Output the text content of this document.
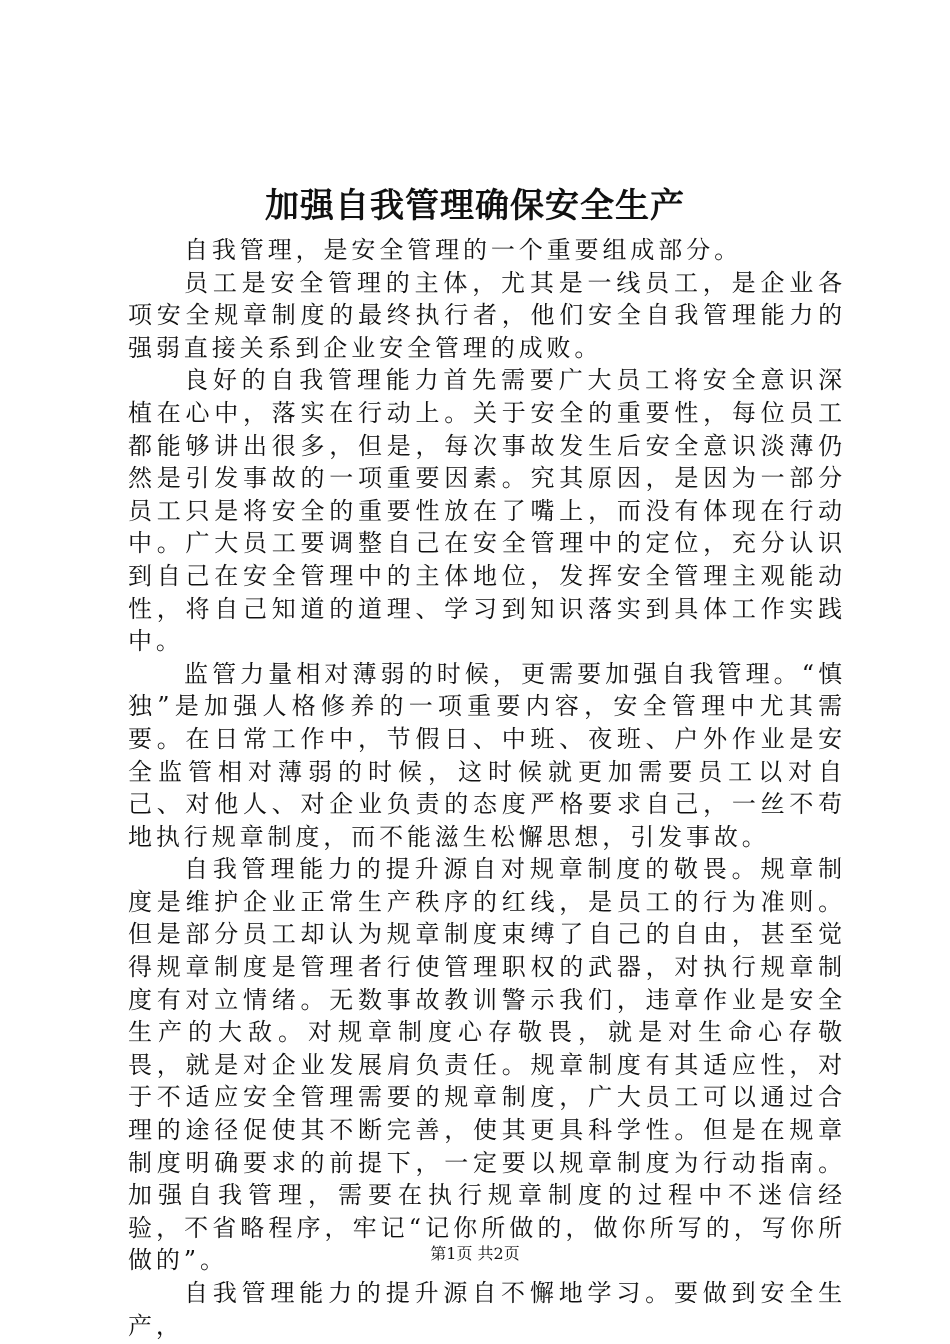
加强自我管理确保安全生产

自我管理，是安全管理的一个重要组成部分。

员工是安全管理的主体，尤其是一线员工，是企业各项安全规章制度的最终执行者，他们安全自我管理能力的强弱直接关系到企业安全管理的成败。

良好的自我管理能力首先需要广大员工将安全意识深植在心中，落实在行动上。关于安全的重要性，每位员工都能够讲出很多，但是，每次事故发生后安全意识淡薄仍然是引发事故的一项重要因素。究其原因，是因为一部分员工只是将安全的重要性放在了嘴上，而没有体现在行动中。广大员工要调整自己在安全管理中的定位，充分认识到自己在安全管理中的主体地位，发挥安全管理主观能动性，将自己知道的道理、学习到知识落实到具体工作实践中。

监管力量相对薄弱的时候，更需要加强自我管理。“慎独”是加强人格修养的一项重要内容，安全管理中尤其需要。在日常工作中，节假日、中班、夜班、户外作业是安全监管相对薄弱的时候，这时候就更加需要员工以对自己、对他人、对企业负责的态度严格要求自己，一丝不苟地执行规章制度，而不能滋生松懈思想，引发事故。

自我管理能力的提升源自对规章制度的敬畏。规章制度是维护企业正常生产秩序的红线，是员工的行为准则。但是部分员工却认为规章制度束缚了自己的自由，甚至觉得规章制度是管理者行使管理职权的武器，对执行规章制度有对立情绪。无数事故教训警示我们，违章作业是安全生产的大敌。对规章制度心存敬畏，就是对生命心存敬畏，就是对企业发展肩负责任。规章制度有其适应性，对于不适应安全管理需要的规章制度，广大员工可以通过合理的途径促使其不断完善，使其更具科学性。但是在规章制度明确要求的前提下，一定要以规章制度为行动指南。加强自我管理，需要在执行规章制度的过程中不迷信经验，不省略程序，牢记“记你所做的，做你所写的，写你所做的”。

自我管理能力的提升源自不懈地学习。要做到安全生产，

第1页 共2页
